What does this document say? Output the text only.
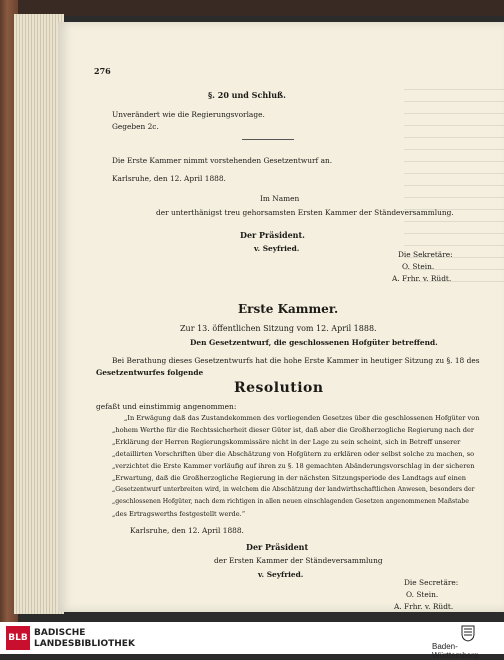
276
§. 20 und Schluß.
Unverändert wie die Regierungsvorlage.
Gegeben 2c.
Die Erste Kammer nimmt vorstehenden Gesetzentwurf an.
Karlsruhe, den 12. April 1888.
Im Namen
der unterthänigst treu gehorsamsten Ersten Kammer der Ständeversammlung.
Der Präsident.
v. Seyfried.
Die Sekretäre:
O. Stein.
A. Frhr. v. Rüdt.
Erste Kammer.
Zur 13. öffentlichen Sitzung vom 12. April 1888.
Den Gesetzentwurf, die geschlossenen Hofgüter betreffend.
Bei Berathung dieses Gesetzentwurfs hat die hohe Erste Kammer in heutiger Sitzung zu §. 18 des
Gesetzentwurfes folgende
Resolution
gefaßt und einstimmig angenommen:
„In Erwägung daß das Zustandekommen des vorliegenden Gesetzes über die geschlossenen Hofgüter von
„hohem Werthe für die Rechtssicherheit dieser Güter ist, daß aber die Großherzogliche Regierung nach der
„Erklärung der Herren Regierungskommissäre nicht in der Lage zu sein scheint, sich in Betreff unserer
„detaillirten Vorschriften über die Abschätzung von Hofgütern zu erklären oder selbst solche zu machen, so
„verzichtet die Erste Kammer vorläufig auf ihren zu §. 18 gemachten Abänderungsvorschlag in der sicheren
„Erwartung, daß die Großherzogliche Regierung in der nächsten Sitzungsperiode des Landtags auf einen
„Gesetzentwurf unterbreiten wird, in welchem die Abschätzung der landwirthschaftlichen Anwesen, besonders der
„geschlossenen Hofgüter, nach dem richtigen in allen neuen einschlagenden Gesetzen angenommenen Maßstabe
„des Ertragswerths festgestellt werde.“
Karlsruhe, den 12. April 1888.
Der Präsident
der Ersten Kammer der Ständeversammlung
v. Seyfried.
Die Secretäre:
O. Stein.
A. Frhr. v. Rüdt.
BLB BADISCHE
LANDESBIBLIOTHEK	Baden-Württemberg
